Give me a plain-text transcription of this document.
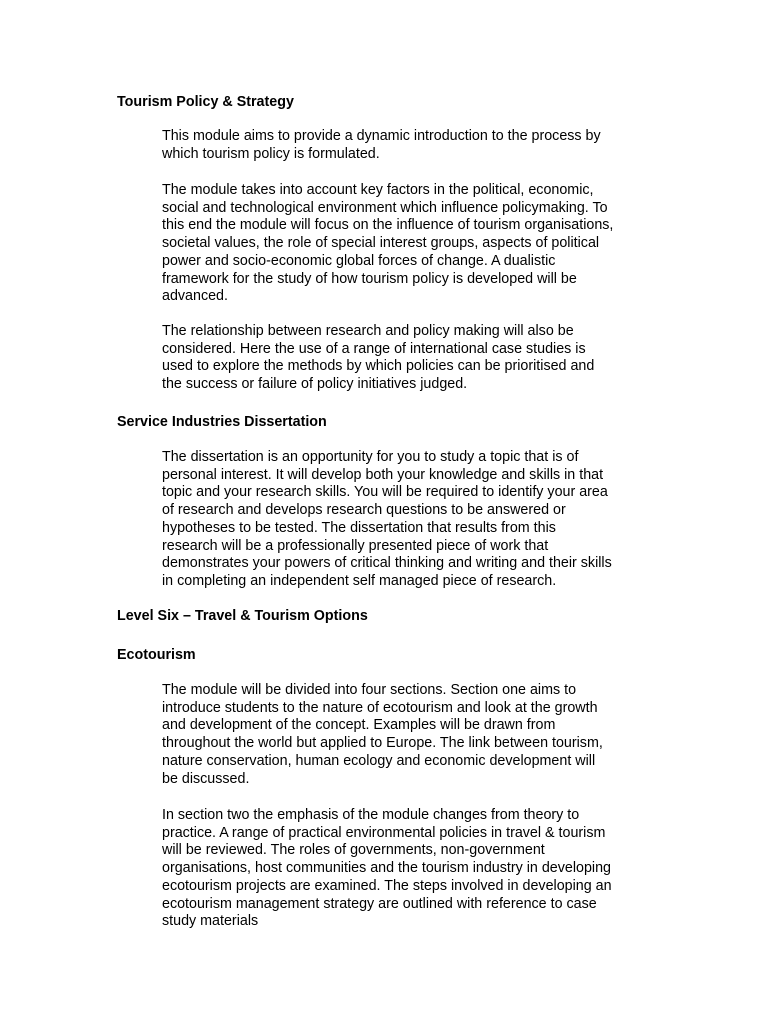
Tourism Policy & Strategy

This module aims to provide a dynamic introduction to the process by
which tourism policy is formulated.

The module takes into account key factors in the political, economic,
social and technological environment which influence policymaking. To
this end the module will focus on the influence of tourism organisations,
societal values, the role of special interest groups, aspects of political
power and socio-economic global forces of change. A dualistic
framework for the study of how tourism policy is developed will be
advanced.

The relationship between research and policy making will also be
considered. Here the use of a range of international case studies is
used to explore the methods by which policies can be prioritised and
the success or failure of policy initiatives judged.

Service Industries Dissertation

The dissertation is an opportunity for you to study a topic that is of
personal interest. It will develop both your knowledge and skills in that
topic and your research skills. You will be required to identify your area
of research and develops research questions to be answered or
hypotheses to be tested. The dissertation that results from this
research will be a professionally presented piece of work that
demonstrates your powers of critical thinking and writing and their skills
in completing an independent self managed piece of research.

Level Six – Travel & Tourism Options
Ecotourism

The module will be divided into four sections. Section one aims to
introduce students to the nature of ecotourism and look at the growth
and development of the concept. Examples will be drawn from
throughout the world but applied to Europe. The link between tourism,
nature conservation, human ecology and economic development will
be discussed.

In section two the emphasis of the module changes from theory to
practice. A range of practical environmental policies in travel & tourism
will be reviewed. The roles of governments, non-government
organisations, host communities and the tourism industry in developing
ecotourism projects are examined. The steps involved in developing an
ecotourism management strategy are outlined with reference to case
study materials
